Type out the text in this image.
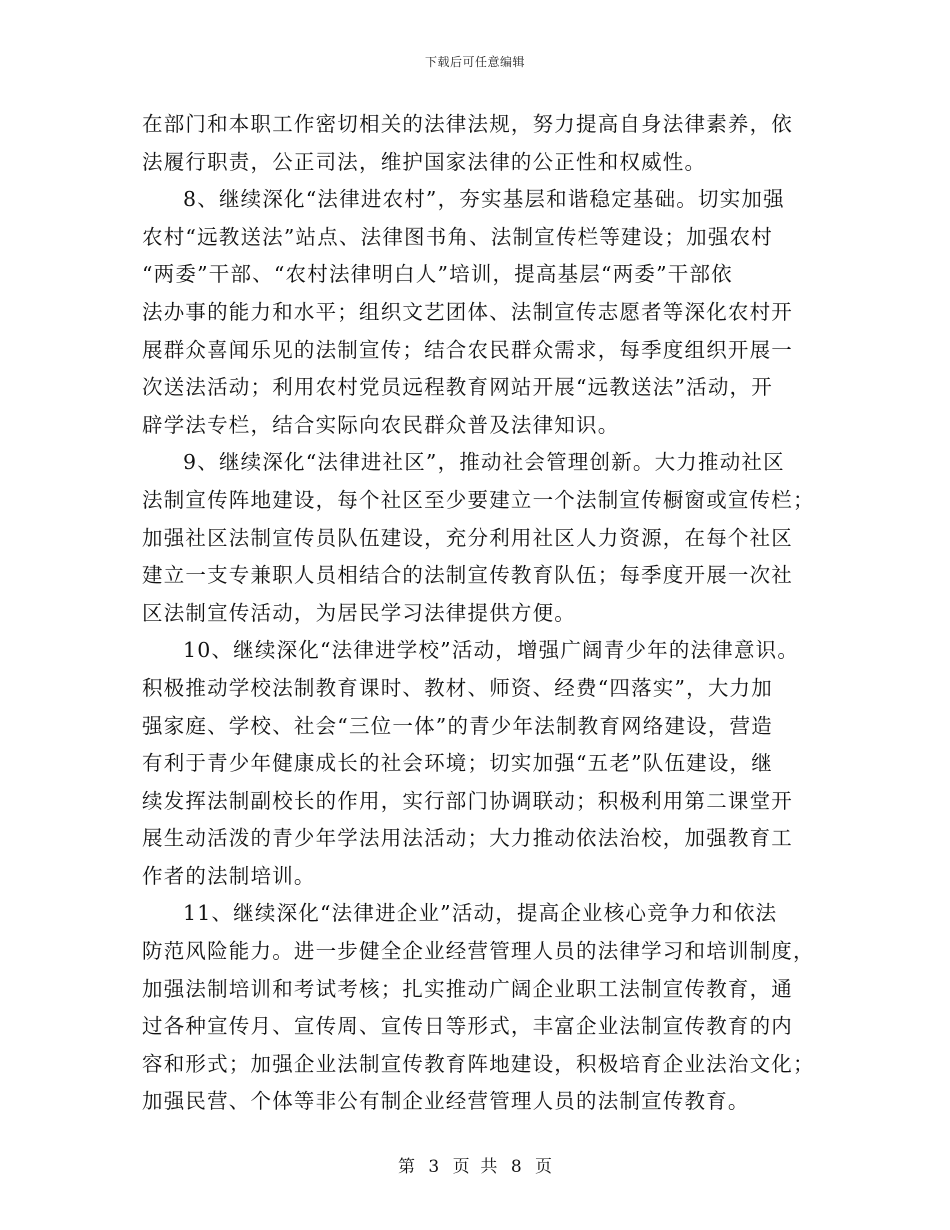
下载后可任意编辑
在部门和本职工作密切相关的法律法规，努力提高自身法律素养，依
法履行职责，公正司法，维护国家法律的公正性和权威性。
8、继续深化“法律进农村”，夯实基层和谐稳定基础。切实加强
农村“远教送法”站点、法律图书角、法制宣传栏等建设；加强农村
“两委”干部、“农村法律明白人”培训，提高基层“两委”干部依
法办事的能力和水平；组织文艺团体、法制宣传志愿者等深化农村开
展群众喜闻乐见的法制宣传；结合农民群众需求，每季度组织开展一
次送法活动；利用农村党员远程教育网站开展“远教送法”活动，开
辟学法专栏，结合实际向农民群众普及法律知识。
9、继续深化“法律进社区”，推动社会管理创新。大力推动社区
法制宣传阵地建设，每个社区至少要建立一个法制宣传橱窗或宣传栏；
加强社区法制宣传员队伍建设，充分利用社区人力资源，在每个社区
建立一支专兼职人员相结合的法制宣传教育队伍；每季度开展一次社
区法制宣传活动，为居民学习法律提供方便。
10、继续深化“法律进学校”活动，增强广阔青少年的法律意识。
积极推动学校法制教育课时、教材、师资、经费“四落实”，大力加
强家庭、学校、社会“三位一体”的青少年法制教育网络建设，营造
有利于青少年健康成长的社会环境；切实加强“五老”队伍建设，继
续发挥法制副校长的作用，实行部门协调联动；积极利用第二课堂开
展生动活泼的青少年学法用法活动；大力推动依法治校，加强教育工
作者的法制培训。
11、继续深化“法律进企业”活动，提高企业核心竞争力和依法
防范风险能力。进一步健全企业经营管理人员的法律学习和培训制度，
加强法制培训和考试考核；扎实推动广阔企业职工法制宣传教育，通
过各种宣传月、宣传周、宣传日等形式，丰富企业法制宣传教育的内
容和形式；加强企业法制宣传教育阵地建设，积极培育企业法治文化；
加强民营、个体等非公有制企业经营管理人员的法制宣传教育。
第 3 页  共 8 页
